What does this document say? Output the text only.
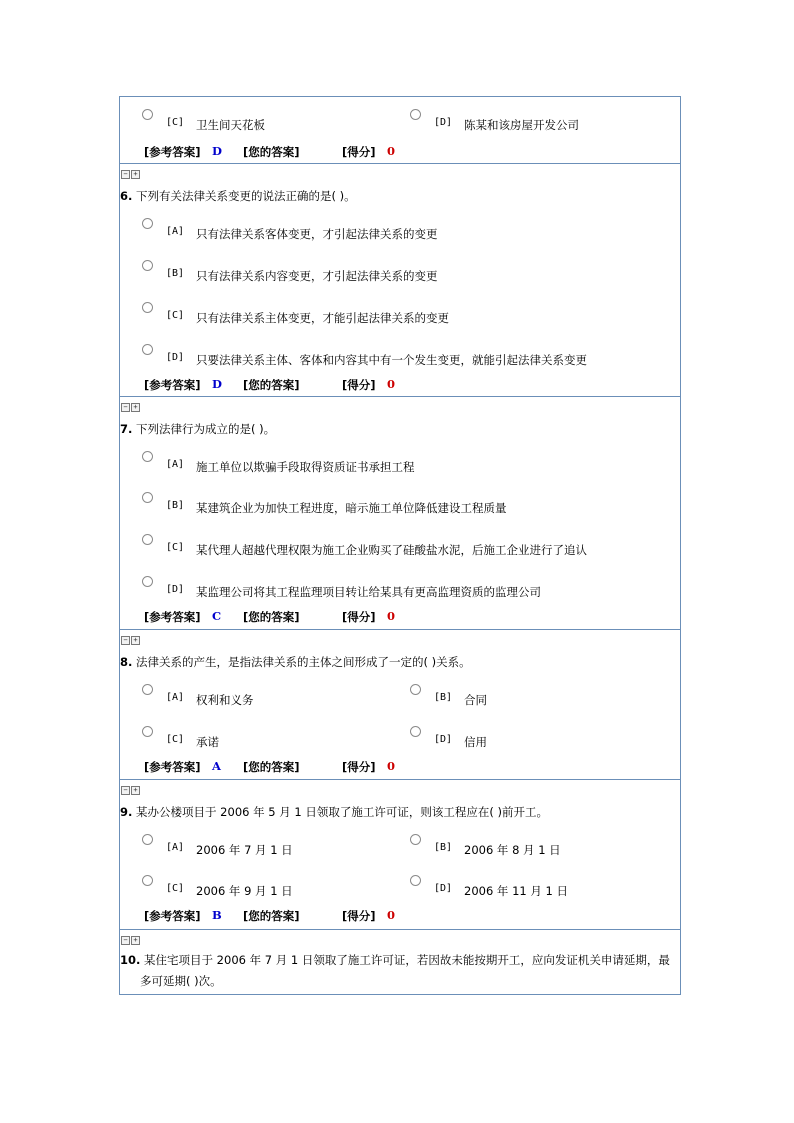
[C] 卫生间天花板	[D] 陈某和该房屋开发公司
[参考答案] D [您的答案]	[得分] 0
− +
6. 下列有关法律关系变更的说法正确的是( )。
[A] 只有法律关系客体变更，才引起法律关系的变更
[B] 只有法律关系内容变更，才引起法律关系的变更
[C] 只有法律关系主体变更，才能引起法律关系的变更
[D] 只要法律关系主体、客体和内容其中有一个发生变更，就能引起法律关系变更
[参考答案] D [您的答案]	[得分] 0
− +
7. 下列法律行为成立的是( )。
[A] 施工单位以欺骗手段取得资质证书承担工程
[B] 某建筑企业为加快工程进度，暗示施工单位降低建设工程质量
[C] 某代理人超越代理权限为施工企业购买了硅酸盐水泥，后施工企业进行了追认
[D] 某监理公司将其工程监理项目转让给某具有更高监理资质的监理公司
[参考答案] C [您的答案]	[得分] 0
− +
8. 法律关系的产生，是指法律关系的主体之间形成了一定的( )关系。
[A] 权利和义务	[B] 合同
[C] 承诺	[D] 信用
[参考答案] A [您的答案]	[得分] 0
− +
9. 某办公楼项目于 2006 年 5 月 1 日领取了施工许可证，则该工程应在( )前开工。
[A] 2006 年 7 月 1 日	[B] 2006 年 8 月 1 日
[C] 2006 年 9 月 1 日	[D] 2006 年 11 月 1 日
[参考答案] B [您的答案]	[得分] 0
− +
10. 某住宅项目于 2006 年 7 月 1 日领取了施工许可证，若因故未能按期开工，应向发证机关申请延期，最
多可延期( )次。
